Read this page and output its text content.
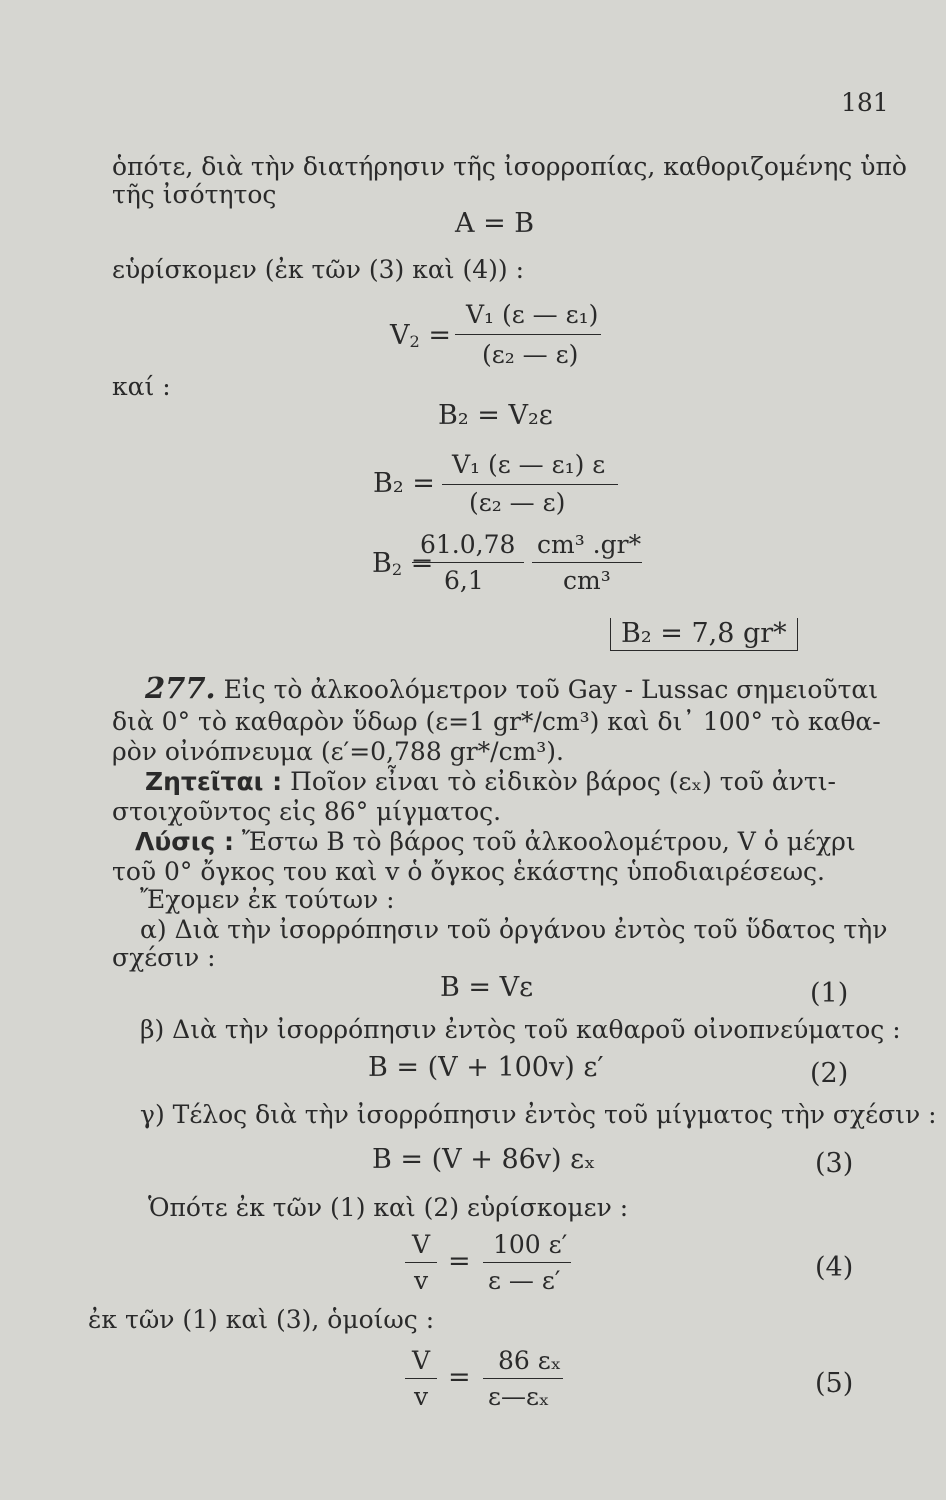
181
ὁπότε, διὰ τὴν διατήρησιν τῆς ἰσορροπίας, καθοριζομένης ὑπὸ
τῆς ἰσότητος
A = B
εὑρίσκομεν (ἐκ τῶν (3) καὶ (4)) :
$V_2$ =
V₁ (ε — ε₁)
(ε₂ — ε)
καί :
B₂ = V₂ε
B₂ =
V₁ (ε — ε₁) ε
(ε₂ — ε)
$B_2$ =
61.0,78
6,1
cm³ .gr*
cm³
B₂ = 7,8 gr*
277. Εἰς τὸ ἀλκοολόμετρον τοῦ Gay - Lussac σημειοῦται
διὰ 0° τὸ καθαρὸν ὕδωρ (ε=1 gr*/cm³) καὶ δι᾽ 100° τὸ καθα-
ρὸν οἰνόπνευμα (ε′=0,788 gr*/cm³).
Ζητεῖται : Ποῖον εἶναι τὸ εἰδικὸν βάρος (εₓ) τοῦ ἀντι-
στοιχοῦντος εἰς 86° μίγματος.
Λύσις : Ἔστω B τὸ βάρος τοῦ ἀλκοολομέτρου, V ὁ μέχρι
τοῦ 0° ὄγκος του καὶ v ὁ ὄγκος ἑκάστης ὑποδιαιρέσεως.
Ἔχομεν ἐκ τούτων :
α) Διὰ τὴν ἰσορρόπησιν τοῦ ὀργάνου ἐντὸς τοῦ ὕδατος τὴν
σχέσιν :
B = Vε	(1)
β) Διὰ τὴν ἰσορρόπησιν ἐντὸς τοῦ καθαροῦ οἰνοπνεύματος :
B = (V + 100v) ε′	(2)
γ) Τέλος διὰ τὴν ἰσορρόπησιν ἐντὸς τοῦ μίγματος τὴν σχέσιν :
B = (V + 86v) εₓ	(3)
Ὁπότε ἐκ τῶν (1) καὶ (2) εὑρίσκομεν :
V
v
=
100 ε′
ε — ε′	(4)
ἐκ τῶν (1) καὶ (3), ὁμοίως :
V
v
=
86 εₓ
ε—εₓ	(5)
